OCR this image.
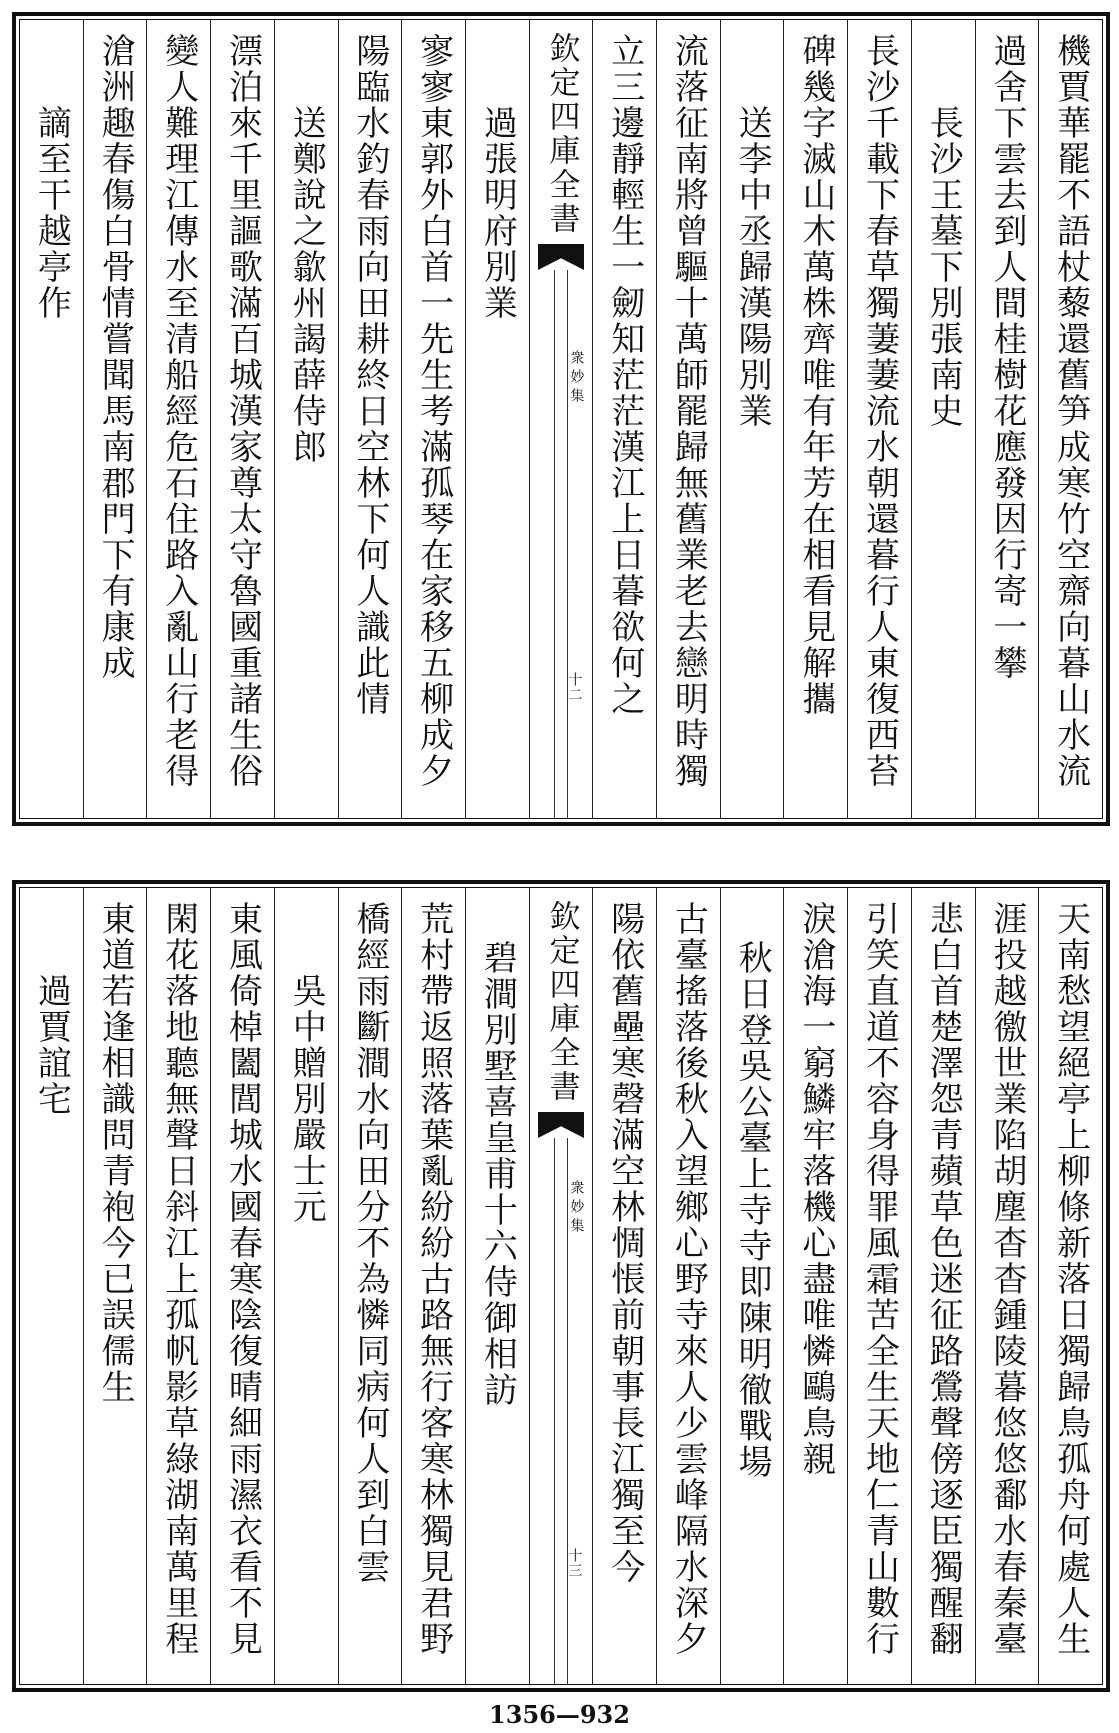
機賈華罷不語杖藜還舊笋成寒竹空齋向暮山水流
過舍下雲去到人間桂樹花應發因行寄一攀
長沙王墓下別張南史
長沙千載下春草獨萋萋流水朝還暮行人東復西苔
碑幾字滅山木萬株齊唯有年芳在相看見解攜
送李中丞歸漢陽別業
流落征南將曾驅十萬師罷歸無舊業老去戀明時獨
立三邊靜輕生一劒知茫茫漢江上日暮欲何之
欽定四庫全書
衆妙集
十二
過張明府別業
寥寥東郭外白首一先生考滿孤琴在家移五柳成夕
陽臨水釣春雨向田耕終日空林下何人識此情
送鄭說之歙州謁薛侍郎
漂泊來千里謳歌滿百城漢家尊太守魯國重諸生俗
變人難理江傳水至清船經危石住路入亂山行老得
滄洲趣春傷白骨情嘗聞馬南郡門下有康成
謫至干越亭作
天南愁望絕亭上柳條新落日獨歸鳥孤舟何處人生
涯投越徼世業陷胡塵杳杳鍾陵暮悠悠鄱水春秦臺
悲白首楚澤怨青蘋草色迷征路鶯聲傍逐臣獨醒翻
引笑直道不容身得罪風霜苦全生天地仁青山數行
淚滄海一窮鱗牢落機心盡唯憐鷗鳥親
秋日登吳公臺上寺寺即陳明徹戰場
古臺搖落後秋入望鄉心野寺來人少雲峰隔水深夕
陽依舊壘寒磬滿空林惆悵前朝事長江獨至今
欽定四庫全書
衆妙集
十三
碧澗別墅喜皇甫十六侍御相訪
荒村帶返照落葉亂紛紛古路無行客寒林獨見君野
橋經雨斷澗水向田分不為憐同病何人到白雲
吳中贈別嚴士元
東風倚棹闔閭城水國春寒陰復晴細雨濕衣看不見
閑花落地聽無聲日斜江上孤帆影草綠湖南萬里程
東道若逢相識問青袍今已誤儒生
過賈誼宅
1356—932
